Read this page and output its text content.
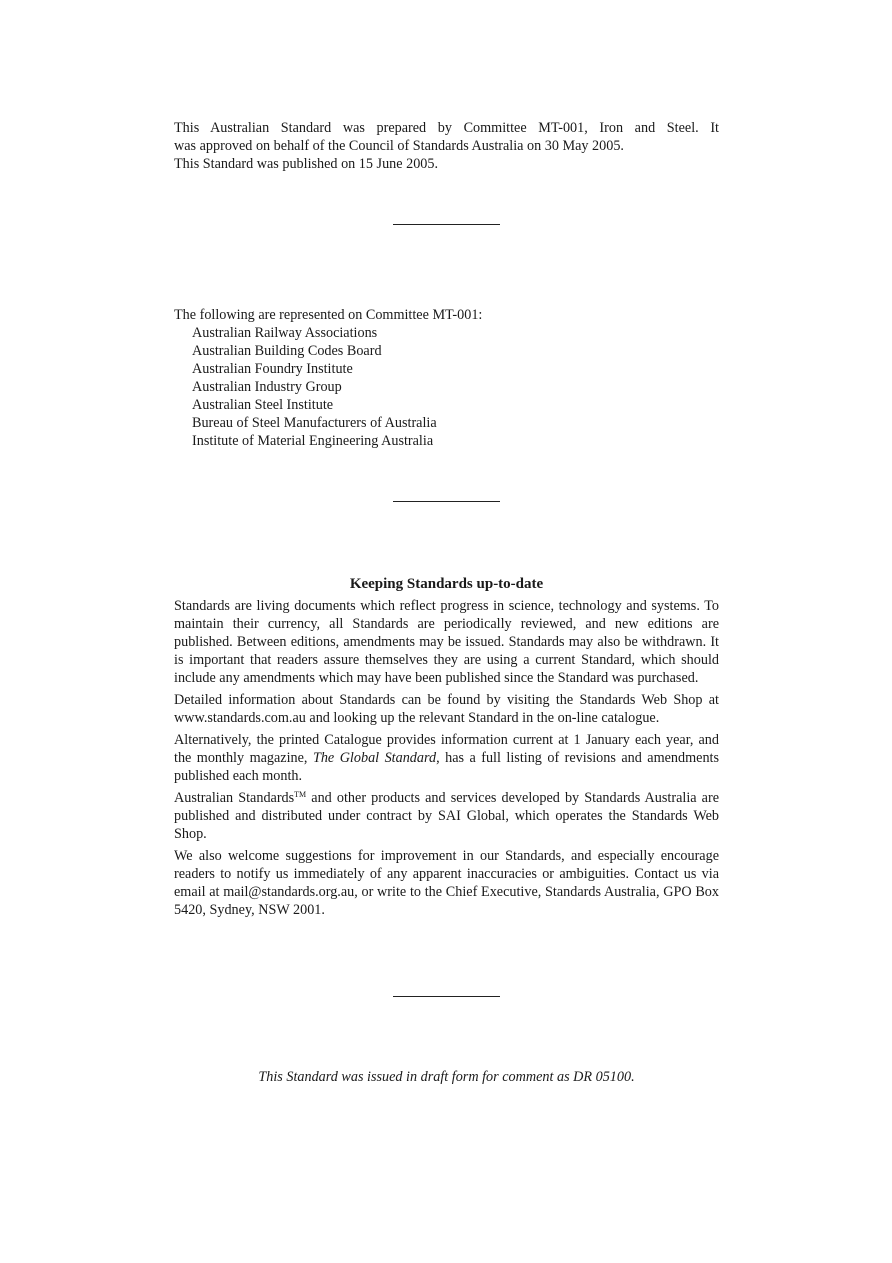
This Australian Standard was prepared by Committee MT-001, Iron and Steel. It
was approved on behalf of the Council of Standards Australia on 30 May 2005.
This Standard was published on 15 June 2005.
The following are represented on Committee MT-001:
Australian Railway Associations
Australian Building Codes Board
Australian Foundry Institute
Australian Industry Group
Australian Steel Institute
Bureau of Steel Manufacturers of Australia
Institute of Material Engineering Australia
Keeping Standards up-to-date

Standards are living documents which reflect progress in science, technology and systems. To maintain their currency, all Standards are periodically reviewed, and new editions are published. Between editions, amendments may be issued. Standards may also be withdrawn. It is important that readers assure themselves they are using a current Standard, which should include any amendments which may have been published since the Standard was purchased.

Detailed information about Standards can be found by visiting the Standards Web Shop at www.standards.com.au and looking up the relevant Standard in the on-line catalogue.

Alternatively, the printed Catalogue provides information current at 1 January each year, and the monthly magazine, The Global Standard, has a full listing of revisions and amendments published each month.

Australian Standards™ and other products and services developed by Standards Australia are published and distributed under contract by SAI Global, which operates the Standards Web Shop.

We also welcome suggestions for improvement in our Standards, and especially encourage readers to notify us immediately of any apparent inaccuracies or ambiguities. Contact us via email at mail@standards.org.au, or write to the Chief Executive, Standards Australia, GPO Box 5420, Sydney, NSW 2001.

This Standard was issued in draft form for comment as DR 05100.
